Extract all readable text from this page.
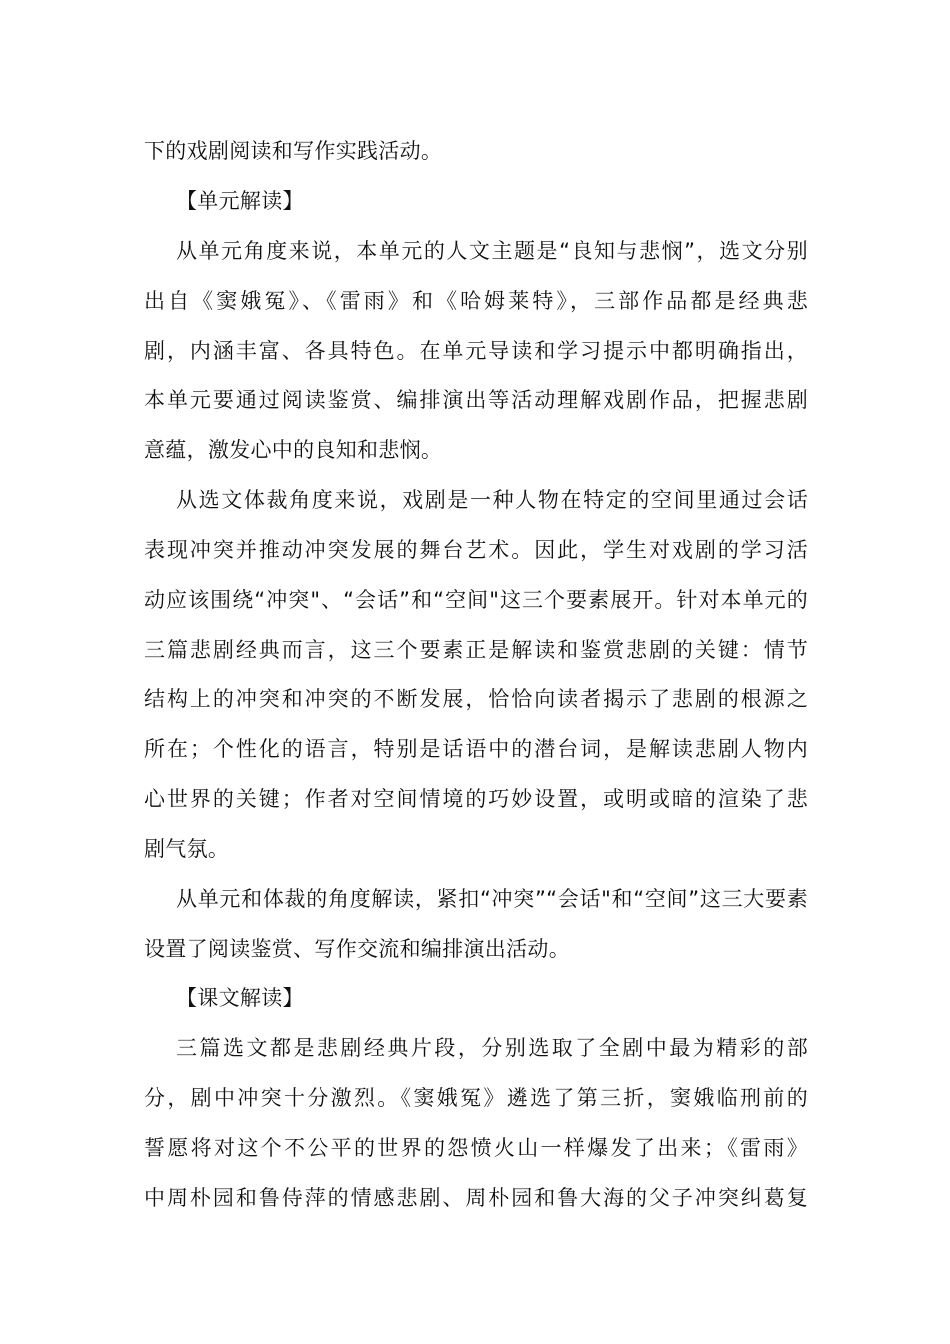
下的戏剧阅读和写作实践活动。
【单元解读】
从单元角度来说，本单元的人文主题是“良知与悲悯”，选文分别
出自《窦娥冤》、《雷雨》和《哈姆莱特》，三部作品都是经典悲
剧，内涵丰富、各具特色。在单元导读和学习提示中都明确指出，
本单元要通过阅读鉴赏、编排演出等活动理解戏剧作品，把握悲剧
意蕴，激发心中的良知和悲悯。
从选文体裁角度来说，戏剧是一种人物在特定的空间里通过会话
表现冲突并推动冲突发展的舞台艺术。因此，学生对戏剧的学习活
动应该围绕“冲突"、“会话”和“空间"这三个要素展开。针对本单元的
三篇悲剧经典而言，这三个要素正是解读和鉴赏悲剧的关键：情节
结构上的冲突和冲突的不断发展，恰恰向读者揭示了悲剧的根源之
所在；个性化的语言，特别是话语中的潜台词，是解读悲剧人物内
心世界的关键；作者对空间情境的巧妙设置，或明或暗的渲染了悲
剧气氛。
从单元和体裁的角度解读，紧扣“冲突”“会话"和“空间”这三大要素
设置了阅读鉴赏、写作交流和编排演出活动。
【课文解读】
三篇选文都是悲剧经典片段，分别选取了全剧中最为精彩的部
分，剧中冲突十分激烈。《窦娥冤》遴选了第三折，窦娥临刑前的
誓愿将对这个不公平的世界的怨愤火山一样爆发了出来；《雷雨》
中周朴园和鲁侍萍的情感悲剧、周朴园和鲁大海的父子冲突纠葛复
